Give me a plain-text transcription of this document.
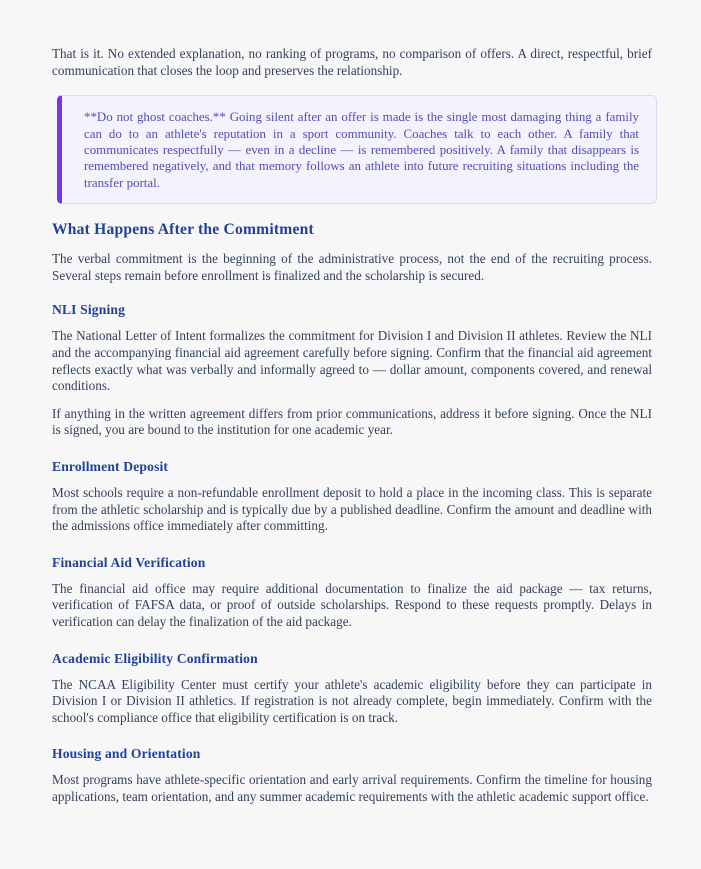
That is it. No extended explanation, no ranking of programs, no comparison of offers. A direct, respectful, brief communication that closes the loop and preserves the relationship.

**Do not ghost coaches.** Going silent after an offer is made is the single most damaging thing a family can do to an athlete's reputation in a sport community. Coaches talk to each other. A family that communicates respectfully — even in a decline — is remembered positively. A family that disappears is remembered negatively, and that memory follows an athlete into future recruiting situations including the transfer portal.

What Happens After the Commitment

The verbal commitment is the beginning of the administrative process, not the end of the recruiting process. Several steps remain before enrollment is finalized and the scholarship is secured.

NLI Signing

The National Letter of Intent formalizes the commitment for Division I and Division II athletes. Review the NLI and the accompanying financial aid agreement carefully before signing. Confirm that the financial aid agreement reflects exactly what was verbally and informally agreed to — dollar amount, components covered, and renewal conditions.

If anything in the written agreement differs from prior communications, address it before signing. Once the NLI is signed, you are bound to the institution for one academic year.

Enrollment Deposit

Most schools require a non-refundable enrollment deposit to hold a place in the incoming class. This is separate from the athletic scholarship and is typically due by a published deadline. Confirm the amount and deadline with the admissions office immediately after committing.

Financial Aid Verification

The financial aid office may require additional documentation to finalize the aid package — tax returns, verification of FAFSA data, or proof of outside scholarships. Respond to these requests promptly. Delays in verification can delay the finalization of the aid package.

Academic Eligibility Confirmation

The NCAA Eligibility Center must certify your athlete's academic eligibility before they can participate in Division I or Division II athletics. If registration is not already complete, begin immediately. Confirm with the school's compliance office that eligibility certification is on track.

Housing and Orientation

Most programs have athlete-specific orientation and early arrival requirements. Confirm the timeline for housing applications, team orientation, and any summer academic requirements with the athletic academic support office.
